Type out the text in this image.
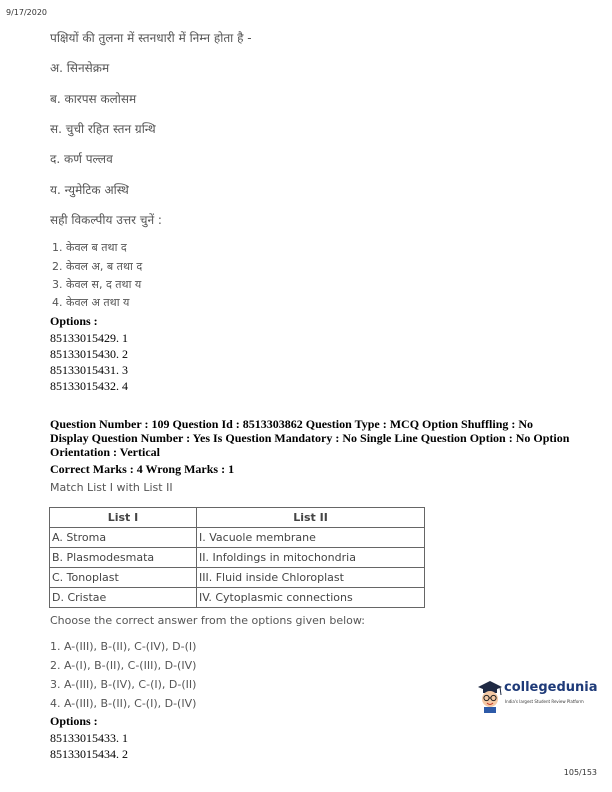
9/17/2020
पक्षियों की तुलना में स्तनधारी में निम्न होता है -
अ. सिनसेक्रम
ब. कारपस कलोसम
स. चुची रहित स्तन ग्रन्थि
द. कर्ण पल्लव
य. न्युमेटिक अस्थि
सही विकल्पीय उत्तर चुनें :
1. केवल ब तथा द
2. केवल अ, ब तथा द
3. केवल स, द तथा य
4. केवल अ तथा य
Options :
85133015429. 1
85133015430. 2
85133015431. 3
85133015432. 4
Question Number : 109 Question Id : 8513303862 Question Type : MCQ Option Shuffling : No
Display Question Number : Yes Is Question Mandatory : No Single Line Question Option : No Option
Orientation : Vertical
Correct Marks : 4 Wrong Marks : 1
Match List I with List II
List I	List II
A. Stroma	I. Vacuole membrane
B. Plasmodesmata	II. Infoldings in mitochondria
C. Tonoplast	III. Fluid inside Chloroplast
D. Cristae	IV. Cytoplasmic connections
Choose the correct answer from the options given below:
1. A-(III), B-(II), C-(IV), D-(I)
2. A-(I), B-(II), C-(III), D-(IV)
3. A-(III), B-(IV), C-(I), D-(II)
4. A-(III), B-(II), C-(I), D-(IV)
Options :
85133015433. 1
85133015434. 2
collegedunia
India's largest Student Review Platform
105/153
